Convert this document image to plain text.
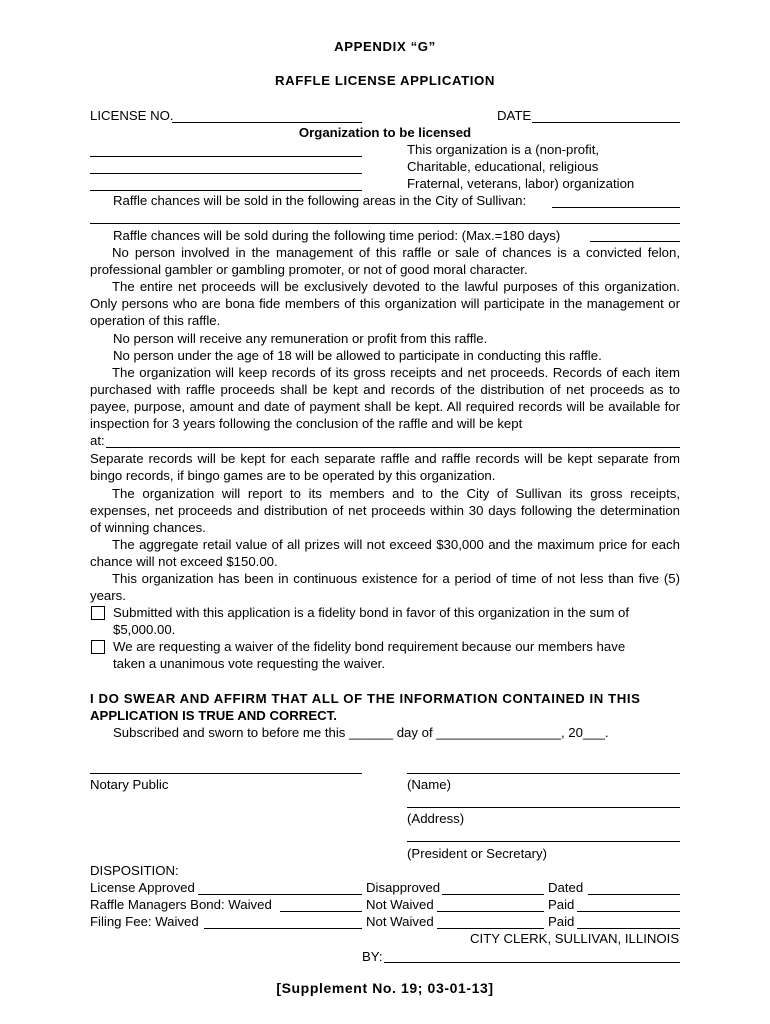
APPENDIX “G”
RAFFLE LICENSE APPLICATION
LICENSE NO.	DATE
Organization to be licensed
This organization is a (non-profit,
Charitable, educational, religious
Fraternal, veterans, labor) organization
Raffle chances will be sold in the following areas in the City of Sullivan:
Raffle chances will be sold during the following time period: (Max.=180 days)
No person involved in the management of this raffle or sale of chances is a convicted felon, professional gambler or gambling promoter, or not of good moral character.
The entire net proceeds will be exclusively devoted to the lawful purposes of this organization. Only persons who are bona fide members of this organization will participate in the management or operation of this raffle.
No person will receive any remuneration or profit from this raffle.
No person under the age of 18 will be allowed to participate in conducting this raffle.
The organization will keep records of its gross receipts and net proceeds. Records of each item purchased with raffle proceeds shall be kept and records of the distribution of net proceeds as to payee, purpose, amount and date of payment shall be kept. All required records will be available for inspection for 3 years following the conclusion of the raffle and will be kept
at:
Separate records will be kept for each separate raffle and raffle records will be kept separate from bingo records, if bingo games are to be operated by this organization.
The organization will report to its members and to the City of Sullivan its gross receipts, expenses, net proceeds and distribution of net proceeds within 30 days following the determination of winning chances.
The aggregate retail value of all prizes will not exceed $30,000 and the maximum price for each chance will not exceed $150.00.
This organization has been in continuous existence for a period of time of not less than five (5) years.
Submitted with this application is a fidelity bond in favor of this organization in the sum of
$5,000.00.
We are requesting a waiver of the fidelity bond requirement because our members have
taken a unanimous vote requesting the waiver.
I DO SWEAR AND AFFIRM THAT ALL OF THE INFORMATION CONTAINED IN THIS
APPLICATION IS TRUE AND CORRECT.
Subscribed and sworn to before me this ______ day of _________________, 20___.
Notary Public	(Name)
(Address)
(President or Secretary)
DISPOSITION:
License Approved	Disapproved	Dated
Raffle Managers Bond: Waived	Not Waived	Paid
Filing Fee: Waived	Not Waived	Paid
CITY CLERK, SULLIVAN, ILLINOIS
BY:
[Supplement No. 19; 03-01-13]
